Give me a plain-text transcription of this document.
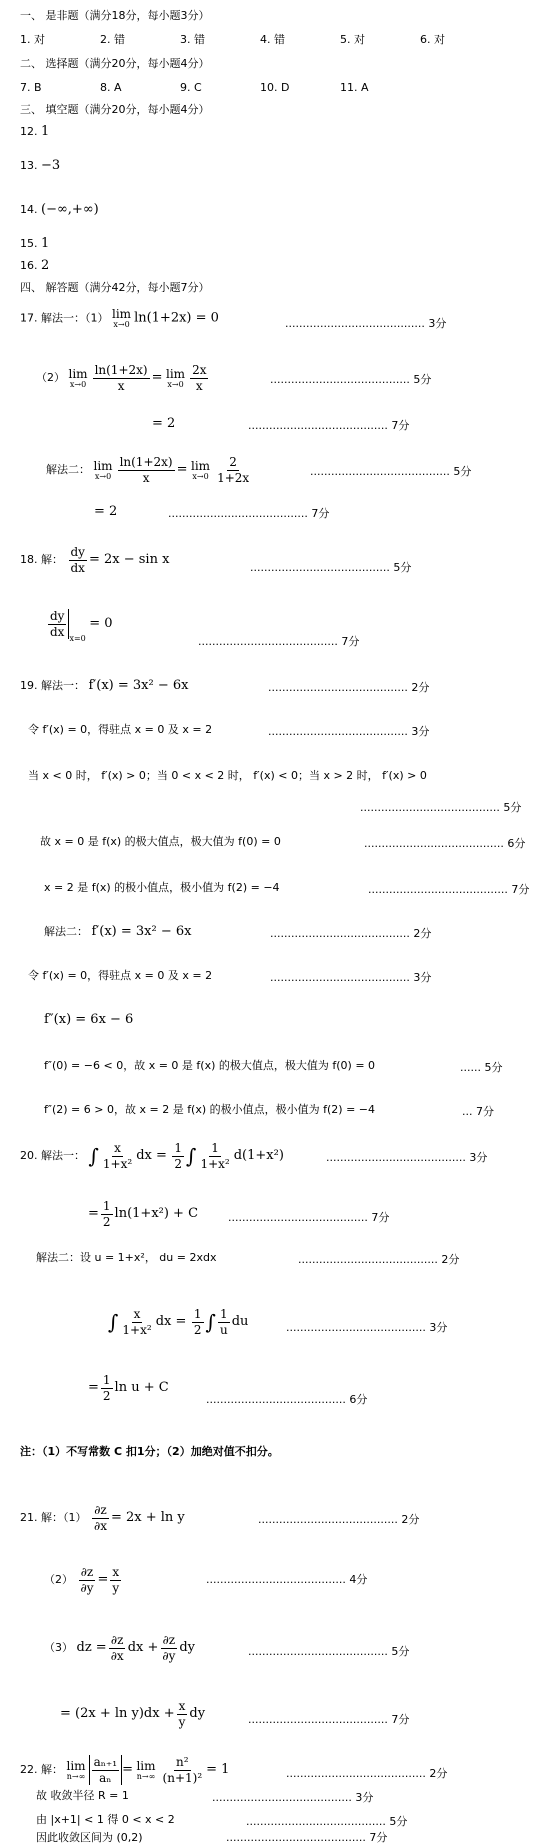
一、 是非题（满分18分，每小题3分）
1. 对	2. 错	3. 错	4. 错	5. 对	6. 对
二、 选择题（满分20分，每小题4分）
7. B	8. A	9. C	10. D	11. A
三、 填空题（满分20分，每小题4分）
12. 1
13. −3
14. (−∞,+∞)
15. 1
16. 2
四、 解答题（满分42分，每小题7分）
17. 解法一：（1） lim
x→0 ln(1+2x) = 0	........................................ 3分
（2） lim
$x\to 0 \frac{\ln(1+2x)}{x} = \lim$
$x\to 0 \frac{2x}{x}$	........................................ 5分
= 2	........................................ 7分
解法二： lim
$x\to 0 \frac{\ln(1+2x)}{x} = \lim$
$x\to 0 \frac{2}{1+2x}$	........................................ 5分
= 2	........................................ 7分
18. 解： $\frac{dy}{dx} = 2x - \sin x$
........................................ 5分
$\frac{dy}{dx} _{x=0} = 0$
........................................ 7分
19. 解法一： f′(x) = 3x² − 6x	........................................ 2分
令 f′(x) = 0，得驻点 x = 0 及 x = 2	........................................ 3分
当 x < 0 时， f′(x) > 0；当 0 < x < 2 时， f′(x) < 0；当 x > 2 时， f′(x) > 0
........................................ 5分
故 x = 0 是 f(x) 的极大值点，极大值为 f(0) = 0	........................................ 6分
x = 2 是 f(x) 的极小值点，极小值为 f(2) = −4	........................................ 7分
解法二： f′(x) = 3x² − 6x	........................................ 2分
令 f′(x) = 0，得驻点 x = 0 及 x = 2	........................................ 3分
f″(x) = 6x − 6
f″(0) = −6 < 0，故 x = 0 是 f(x) 的极大值点，极大值为 f(0) = 0	...... 5分
f″(2) = 6 > 0，故 x = 2 是 f(x) 的极小值点，极小值为 f(2) = −4	... 7分
20. 解法一： ∫ $\frac{x}{\text{1+x²}}$ dx = $\frac{1}{2}$ ∫ $\frac{1}{\text{1+x²}} d(1+x^2)$	........................................ 3分
= $\frac{1}{2} \ln(1+x^2) + C$	........................................ 7分
解法二：设 u = 1+x²， du = 2xdx	........................................ 2分
∫ $\frac{x}{\text{1+x²}}$ dx = $\frac{1}{2}$ ∫ $\frac{1}{u}$ du	........................................ 3分
= $\frac{1}{2}$ ln u + C
........................................ 6分
注：（1）不写常数 C 扣1分；（2）加绝对值不扣分。
21. 解：$(1) \frac{\partial z}{\partial x} = 2x + \ln y$	........................................ 2分
$(2) \frac{\partial z}{\partial y} = \frac{x}{y}$	........................................ 4分
（3） dz = $\frac{\partial z}{\partial x}$ dx + $\frac{\partial z}{\partial y}$ dy	........................................ 5分
= $(2x + \ln y)dx + \frac{x}{y}$ dy	........................................ 7分
22. 解： lim
$n\to\infty \frac{\text{aₙ₊₁}}{\text{aₙ}} = \lim$
$n\to\infty \frac{\text{n²}}{\text{(n+1)²}} = 1$	........................................ 2分
故 收敛半径 R = 1	........................................ 3分
由 |x+1| < 1 得 0 < x < 2	........................................ 5分
因此收敛区间为 (0,2)	........................................ 7分
